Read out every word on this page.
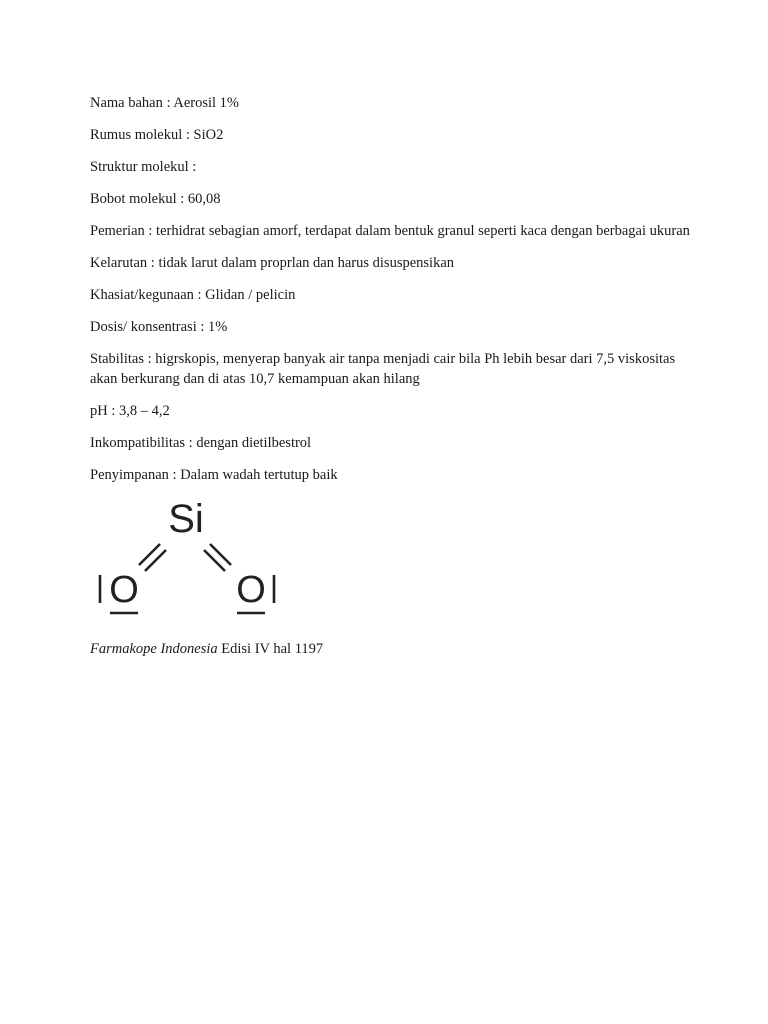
Nama bahan : Aerosil 1%

Rumus molekul : SiO2

Struktur molekul :

Bobot molekul : 60,08

Pemerian : terhidrat sebagian amorf, terdapat dalam bentuk granul seperti kaca dengan berbagai ukuran

Kelarutan : tidak larut dalam proprlan dan harus disuspensikan

Khasiat/kegunaan : Glidan / pelicin

Dosis/ konsentrasi : 1%

Stabilitas : higrskopis, menyerap banyak air tanpa menjadi cair bila Ph lebih besar dari 7,5 viskositas akan berkurang dan di atas 10,7 kemampuan akan hilang

pH : 3,8 – 4,2

Inkompatibilitas : dengan dietilbestrol

Penyimpanan : Dalam wadah tertutup baik

Si
O	O

Farmakope Indonesia Edisi IV hal 1197
